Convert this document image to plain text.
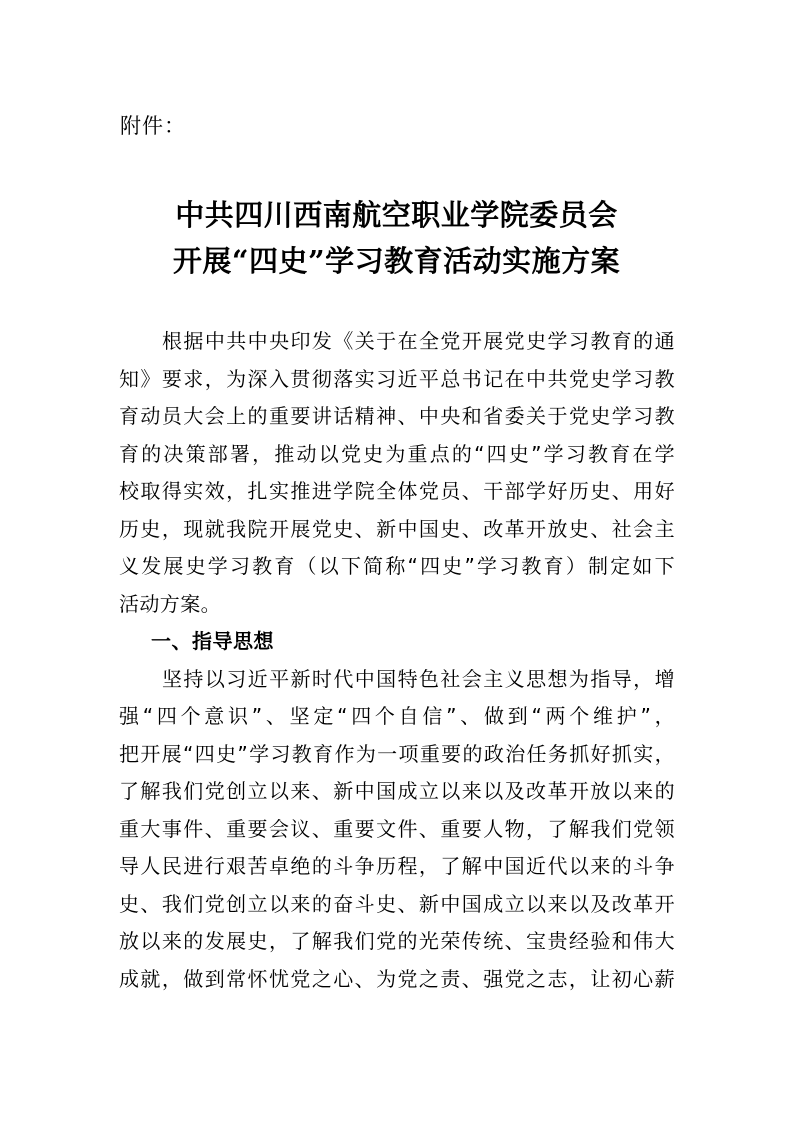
附件：
中共四川西南航空职业学院委员会
开展“四史”学习教育活动实施方案
根据中共中央印发《关于在全党开展党史学习教育的通
知》要求，为深入贯彻落实习近平总书记在中共党史学习教
育动员大会上的重要讲话精神、中央和省委关于党史学习教
育的决策部署，推动以党史为重点的“四史”学习教育在学
校取得实效，扎实推进学院全体党员、干部学好历史、用好
历史，现就我院开展党史、新中国史、改革开放史、社会主
义发展史学习教育（以下简称“四史”学习教育）制定如下
活动方案。
一、指导思想
坚持以习近平新时代中国特色社会主义思想为指导，增
强“四个意识”、坚定“四个自信”、做到“两个维护”，
把开展“四史”学习教育作为一项重要的政治任务抓好抓实，
了解我们党创立以来、新中国成立以来以及改革开放以来的
重大事件、重要会议、重要文件、重要人物，了解我们党领
导人民进行艰苦卓绝的斗争历程，了解中国近代以来的斗争
史、我们党创立以来的奋斗史、新中国成立以来以及改革开
放以来的发展史，了解我们党的光荣传统、宝贵经验和伟大
成就，做到常怀忧党之心、为党之责、强党之志，让初心薪
